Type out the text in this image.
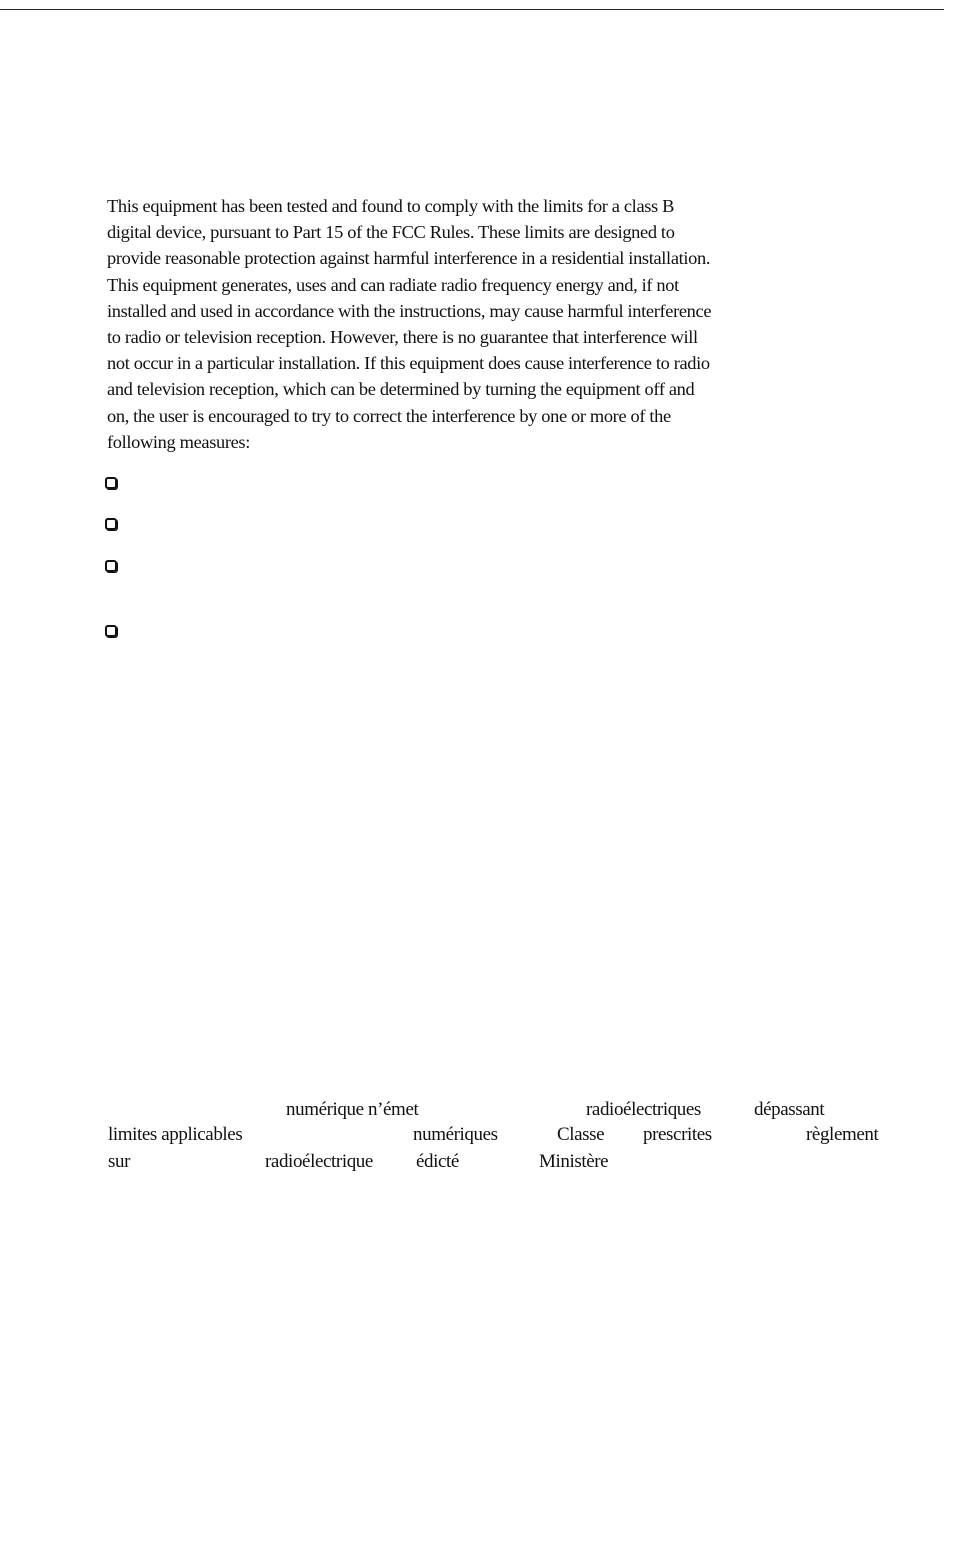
This equipment has been tested and found to comply with the limits for a class B
digital device, pursuant to Part 15 of the FCC Rules. These limits are designed to
provide reasonable protection against harmful interference in a residential installation.
This equipment generates, uses and can radiate radio frequency energy and, if not
installed and used in accordance with the instructions, may cause harmful interference
to radio or television reception. However, there is no guarantee that interference will
not occur in a particular installation. If this equipment does cause interference to radio
and television reception, which can be determined by turning the equipment off and
on, the user is encouraged to try to correct the interference by one or more of the
following measures:

numérique n’émet	radioélectriques	dépassant
limites applicables	numériques	Classe prescrites	règlement
sur	radioélectrique édicté	Ministère
